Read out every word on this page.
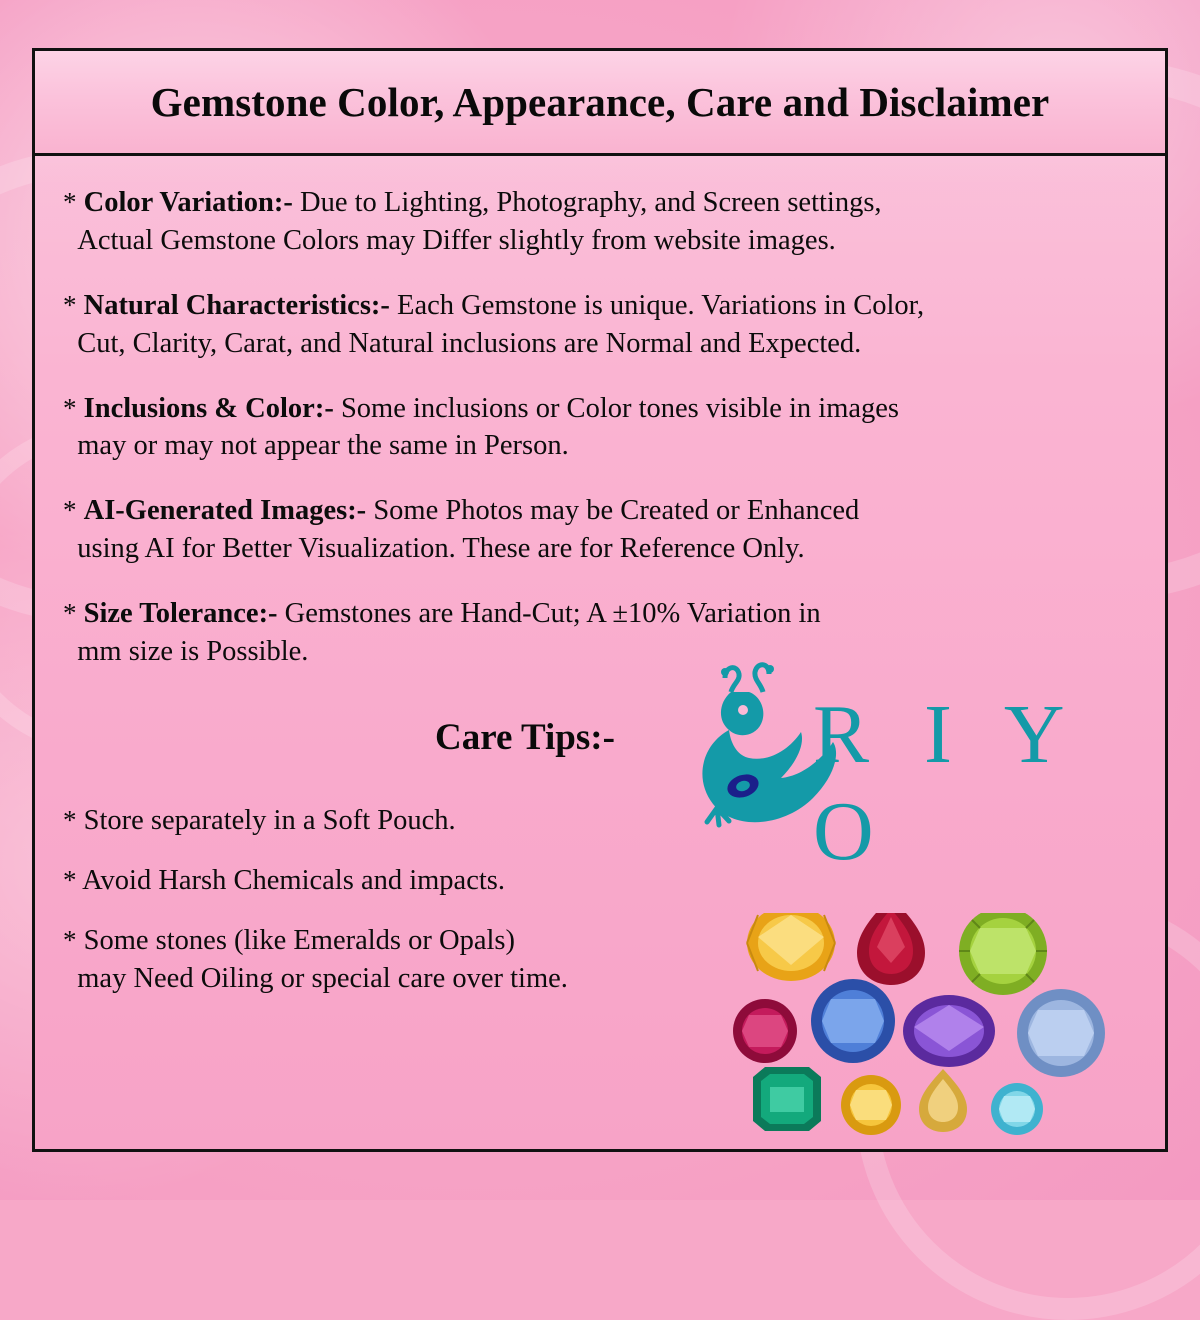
Gemstone Color, Appearance, Care and Disclaimer
* Color Variation:- Due to Lighting, Photography, and Screen settings,
Actual Gemstone Colors may Differ slightly from website images.
* Natural Characteristics:- Each Gemstone is unique. Variations in Color,
Cut, Clarity, Carat, and Natural inclusions are Normal and Expected.
* Inclusions & Color:- Some inclusions or Color tones visible in images
may or may not appear the same in Person.
* AI-Generated Images:- Some Photos may be Created or Enhanced
using AI for Better Visualization. These are for Reference Only.
* Size Tolerance:- Gemstones are Hand-Cut; A ±10% Variation in
mm size is Possible.
Care Tips:- R I Y O
* Store separately in a Soft Pouch.
* Avoid Harsh Chemicals and impacts.
* Some stones (like Emeralds or Opals)
may Need Oiling or special care over time.
